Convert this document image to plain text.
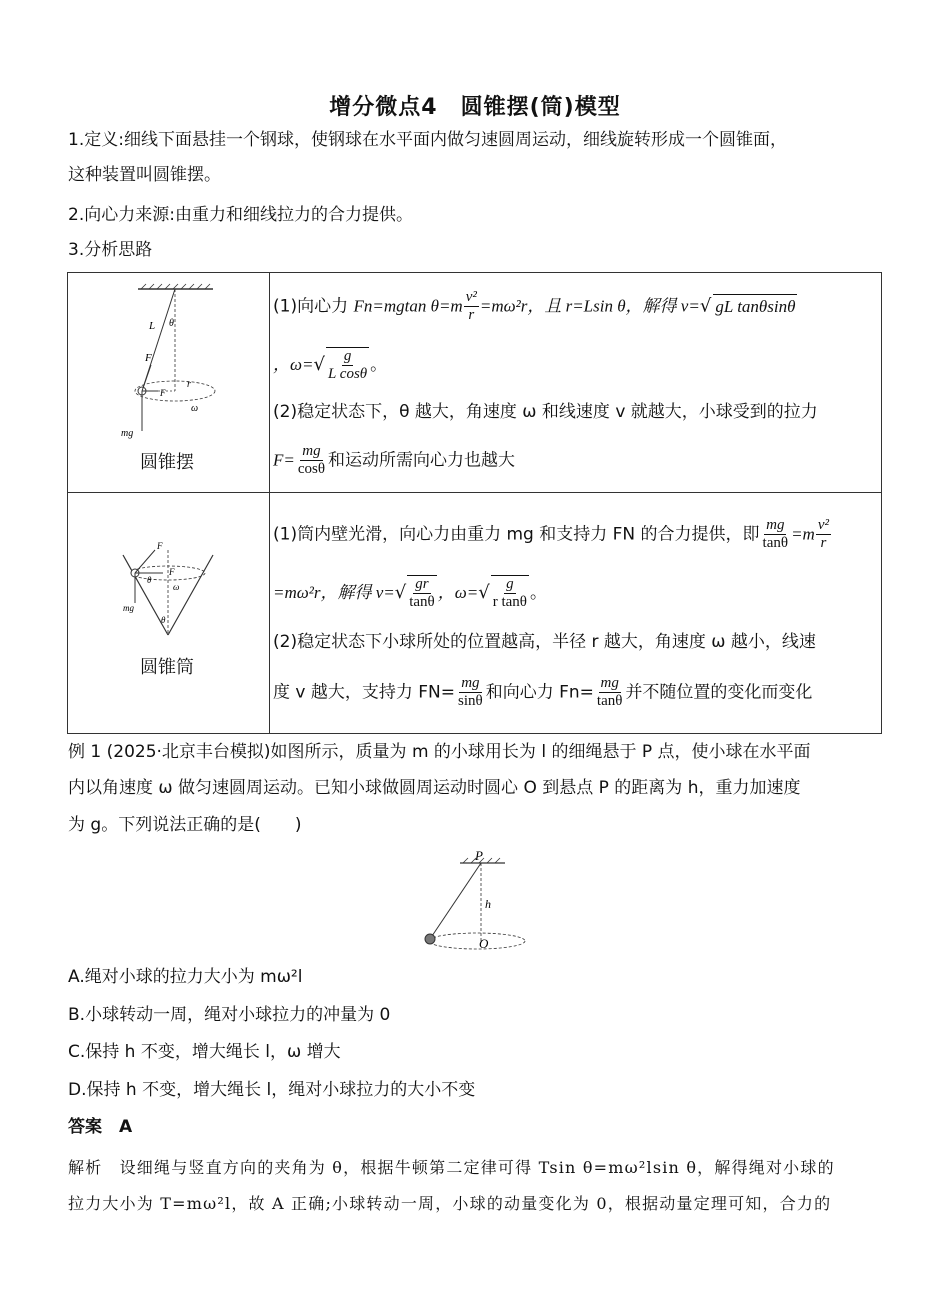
增分微点4　圆锥摆(筒)模型
1.定义:细线下面悬挂一个钢球，使钢球在水平面内做匀速圆周运动，细线旋转形成一个圆锥面，
这种装置叫圆锥摆。
2.向心力来源:由重力和细线拉力的合力提供。
3.分析思路
L θ
F
F
r
ω
mg
圆锥摆
(1)向心力 Fn=mgtan $\theta=m \frac{\text{v²}}{r} =m\omega^2r$，且 r=Lsin θ，解得 v=√ gL tanθsinθ
，$\omega=√ \frac{g}{\text{L cosθ}}$ 。
(2)稳定状态下，θ 越大，角速度 ω 和线速度 v 就越大，小球受到的拉力
$F= \frac{mg}{\cos\theta}$ 和运动所需向心力也越大
F
F
θ
ω
mg
θ
圆锥筒
(1)筒内壁光滑，向心力由重力 mg 和支持力 FN 的合力提供，即 $\frac{mg}{\tan\theta} =m \frac{\text{v²}}{r}$
=mω²r，解得 $v=√ \frac{gr}{\tan\theta}$ ，$\omega=√ \frac{g}{\text{r tanθ}}$ 。
(2)稳定状态下小球所处的位置越高，半径 r 越大，角速度 ω 越小，线速
度 v 越大，支持力 $FN= \frac{mg}{\sin\theta}$ 和向心力 $Fn= \frac{mg}{\tan\theta}$ 并不随位置的变化而变化
例 1 (2025·北京丰台模拟)如图所示，质量为 m 的小球用长为 l 的细绳悬于 P 点，使小球在水平面
内以角速度 ω 做匀速圆周运动。已知小球做圆周运动时圆心 O 到悬点 P 的距离为 h，重力加速度
为 g。下列说法正确的是(　　)
P
h
O
A.绳对小球的拉力大小为 mω²l
B.小球转动一周，绳对小球拉力的冲量为 0
C.保持 h 不变，增大绳长 l，ω 增大
D.保持 h 不变，增大绳长 l，绳对小球拉力的大小不变
答案　A
解析　设细绳与竖直方向的夹角为 θ，根据牛顿第二定律可得 Tsin θ=mω²lsin θ，解得绳对小球的
拉力大小为 T=mω²l，故 A 正确;小球转动一周，小球的动量变化为 0，根据动量定理可知，合力的
